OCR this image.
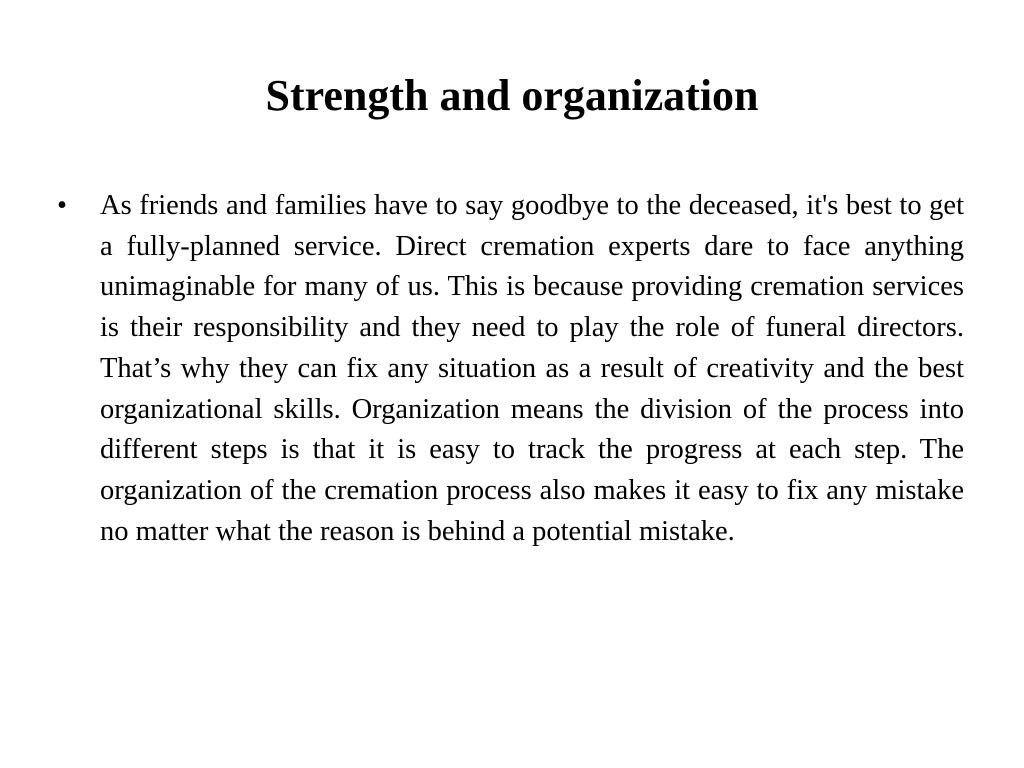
Strength and organization
• As friends and families have to say goodbye to the deceased, it's best to get a fully-planned service. Direct cremation experts dare to face anything unimaginable for many of us. This is because providing cremation services is their responsibility and they need to play the role of funeral directors. That’s why they can fix any situation as a result of creativity and the best organizational skills. Organization means the division of the process into different steps is that it is easy to track the progress at each step. The organization of the cremation process also makes it easy to fix any mistake no matter what the reason is behind a potential mistake.
